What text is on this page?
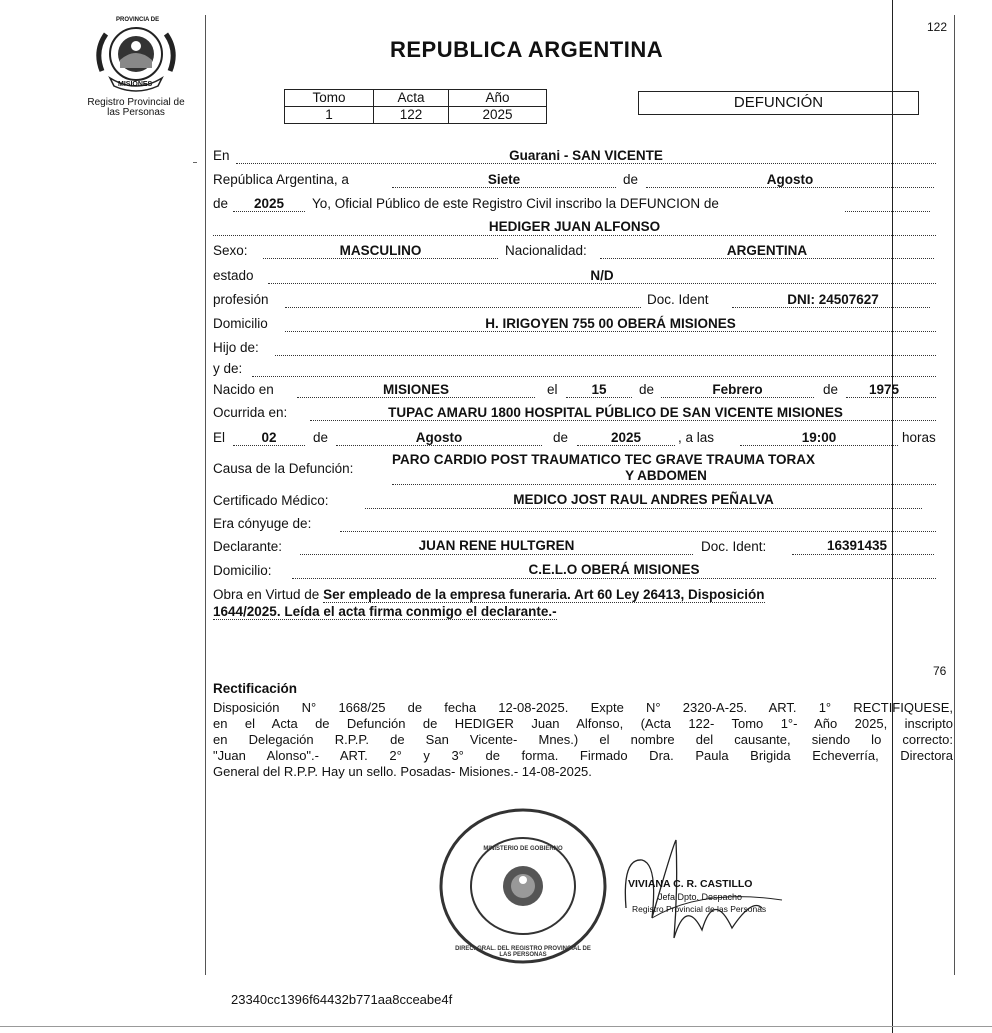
122
PROVINCIA DE
MISIONES
Registro Provincial de
las Personas
REPUBLICA ARGENTINA
Tomo	Acta	Año
1	122	2025
DEFUNCIÓN
En	Guarani - SAN VICENTE
República Argentina, a	Siete	de	Agosto
de	2025	Yo, Oficial Público de este Registro Civil inscribo la DEFUNCION de
HEDIGER JUAN ALFONSO
Sexo:	MASCULINO	Nacionalidad:	ARGENTINA
estado	N/D
profesión	Doc. Ident	DNI: 24507627
Domicilio	H. IRIGOYEN 755 00 OBERÁ MISIONES
Hijo de:
y de:
Nacido en	MISIONES	el	15	de	Febrero	de	1975
Ocurrida en:	TUPAC AMARU 1800 HOSPITAL PÚBLICO DE SAN VICENTE MISIONES
El	02	de	Agosto	de	2025	, a las	19:00	horas
Causa de la Defunción:
PARO CARDIO POST TRAUMATICO TEC GRAVE TRAUMA TORAX
Y ABDOMEN
Certificado Médico:	MEDICO JOST RAUL ANDRES PEÑALVA
Era cónyuge de:
Declarante:	JUAN RENE HULTGREN	Doc. Ident:	16391435
Domicilio:	C.E.L.O OBERÁ MISIONES
Obra en Virtud de Ser empleado de la empresa funeraria. Art 60 Ley 26413, Disposición
1644/2025. Leída el acta firma conmigo el declarante.-
76
Rectificación
Disposición N° 1668/25 de fecha 12-08-2025. Expte N° 2320-A-25. ART. 1° RECTIFIQUESE,
en el Acta de Defunción de HEDIGER Juan Alfonso, (Acta 122- Tomo 1°- Año 2025, inscripto
en Delegación R.P.P. de San Vicente- Mnes.) el nombre del causante, siendo lo correcto:
"Juan Alonso".- ART. 2° y 3° de forma. Firmado Dra. Paula Brigida Echeverría, Directora
General del R.P.P. Hay un sello. Posadas- Misiones.- 14-08-2025.
DIREC. GRAL. DEL REGISTRO PROVINCIAL DE LAS PERSONAS
MINISTERIO DE GOBIERNO
VIVIANA C. R. CASTILLO
Jefa Dpto. Despacho
Registro Provincial de las Personas
23340cc1396f64432b771aa8cceabe4f
